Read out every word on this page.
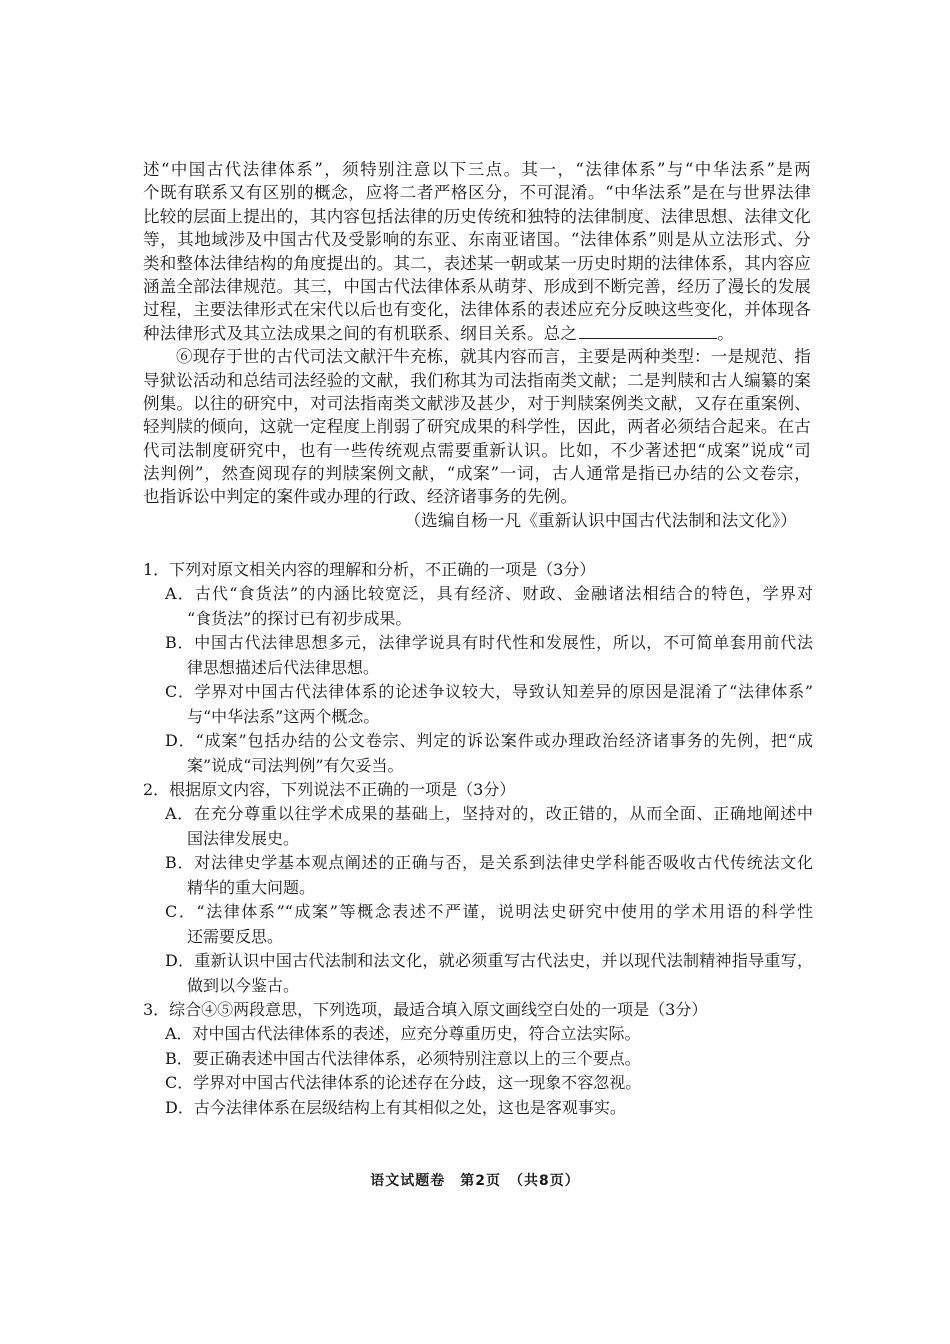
述“中国古代法律体系”，须特别注意以下三点。其一，“法律体系”与“中华法系”是两
个既有联系又有区别的概念，应将二者严格区分，不可混淆。“中华法系”是在与世界法律
比较的层面上提出的，其内容包括法律的历史传统和独特的法律制度、法律思想、法律文化
等，其地域涉及中国古代及受影响的东亚、东南亚诸国。“法律体系”则是从立法形式、分
类和整体法律结构的角度提出的。其二，表述某一朝或某一历史时期的法律体系，其内容应
涵盖全部法律规范。其三，中国古代法律体系从萌芽、形成到不断完善，经历了漫长的发展
过程，主要法律形式在宋代以后也有变化，法律体系的表述应充分反映这些变化，并体现各
种法律形式及其立法成果之间的有机联系、纲目关系。总之	。
⑥现存于世的古代司法文献汗牛充栋，就其内容而言，主要是两种类型：一是规范、指
导狱讼活动和总结司法经验的文献，我们称其为司法指南类文献；二是判牍和古人编纂的案
例集。以往的研究中，对司法指南类文献涉及甚少，对于判牍案例类文献，又存在重案例、
轻判牍的倾向，这就一定程度上削弱了研究成果的科学性，因此，两者必须结合起来。在古
代司法制度研究中，也有一些传统观点需要重新认识。比如，不少著述把“成案”说成“司
法判例”，然查阅现存的判牍案例文献，“成案”一词，古人通常是指已办结的公文卷宗，
也指诉讼中判定的案件或办理的行政、经济诸事务的先例。
（选编自杨一凡《重新认识中国古代法制和法文化》）
1．下列对原文相关内容的理解和分析，不正确的一项是（3分）
A．古代“食货法”的内涵比较宽泛，具有经济、财政、金融诸法相结合的特色，学界对
“食货法”的探讨已有初步成果。
B．中国古代法律思想多元，法律学说具有时代性和发展性，所以，不可简单套用前代法
律思想描述后代法律思想。
C．学界对中国古代法律体系的论述争议较大，导致认知差异的原因是混淆了“法律体系”
与“中华法系”这两个概念。
D．“成案”包括办结的公文卷宗、判定的诉讼案件或办理政治经济诸事务的先例，把“成
案”说成“司法判例”有欠妥当。
2．根据原文内容，下列说法不正确的一项是（3分）
A．在充分尊重以往学术成果的基础上，坚持对的，改正错的，从而全面、正确地阐述中
国法律发展史。
B．对法律史学基本观点阐述的正确与否，是关系到法律史学科能否吸收古代传统法文化
精华的重大问题。
C．“法律体系”“成案”等概念表述不严谨，说明法史研究中使用的学术用语的科学性
还需要反思。
D．重新认识中国古代法制和法文化，就必须重写古代法史，并以现代法制精神指导重写，
做到以今鉴古。
3．综合④⑤两段意思，下列选项，最适合填入原文画线空白处的一项是（3分）
A．对中国古代法律体系的表述，应充分尊重历史，符合立法实际。
B．要正确表述中国古代法律体系，必须特别注意以上的三个要点。
C．学界对中国古代法律体系的论述存在分歧，这一现象不容忽视。
D．古今法律体系在层级结构上有其相似之处，这也是客观事实。
语文试题卷　第2页　（共8页）
